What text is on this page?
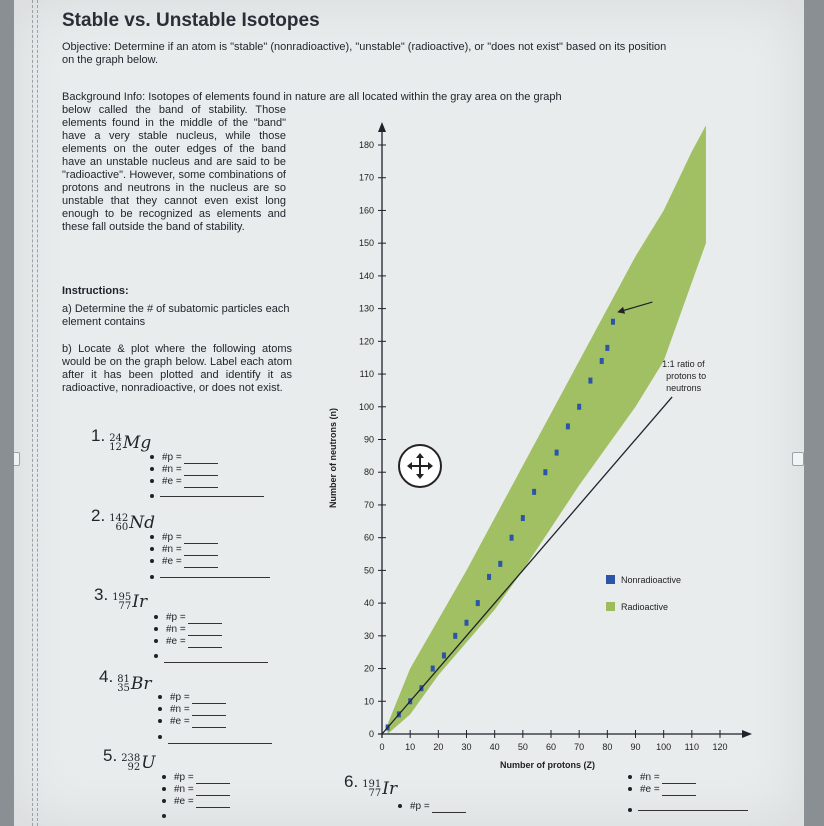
Stable vs. Unstable Isotopes

Objective: Determine if an atom is "stable" (nonradioactive), "unstable" (radioactive), or "does not exist" based on its position on the graph below.

Background Info: Isotopes of elements found in nature are all located within the gray area on the graph

below called the band of stability. Those elements found in the middle of the "band" have a very stable nucleus, while those elements on the outer edges of the band have an unstable nucleus and are said to be "radioactive". However, some combinations of protons and neutrons in the nucleus are so unstable that they cannot even exist long enough to be recognized as elements and these fall outside the band of stability.

Instructions:

a) Determine the # of subatomic particles each element contains

b) Locate & plot where the following atoms would be on the graph below. Label each atom after it has been plotted and identify it as radioactive, nonradioactive, or does not exist.

1. 24
12 Mg
#p =
#n =
#e =
2. 142
60 Nd
#p =
#n =
#e =
3. 195
77 Ir
#p =
#n =
#e =
4. 81
35 Br
#p =
#n =
#e =
5. 238
92 U
#p =
#n =
#e =
6. 191
77 Ir
#p =
#n =
#e =
0
10
20
30
40
50
60
70
80
90
100
110
120
130
140
150
160
170
180
0 10 20 30 40 50 60 70 80 90 100 110 120
1:1 ratio of protons to neutrons
Number of protons (Z)
Number of neutrons (n)
Nonradioactive
Radioactive
